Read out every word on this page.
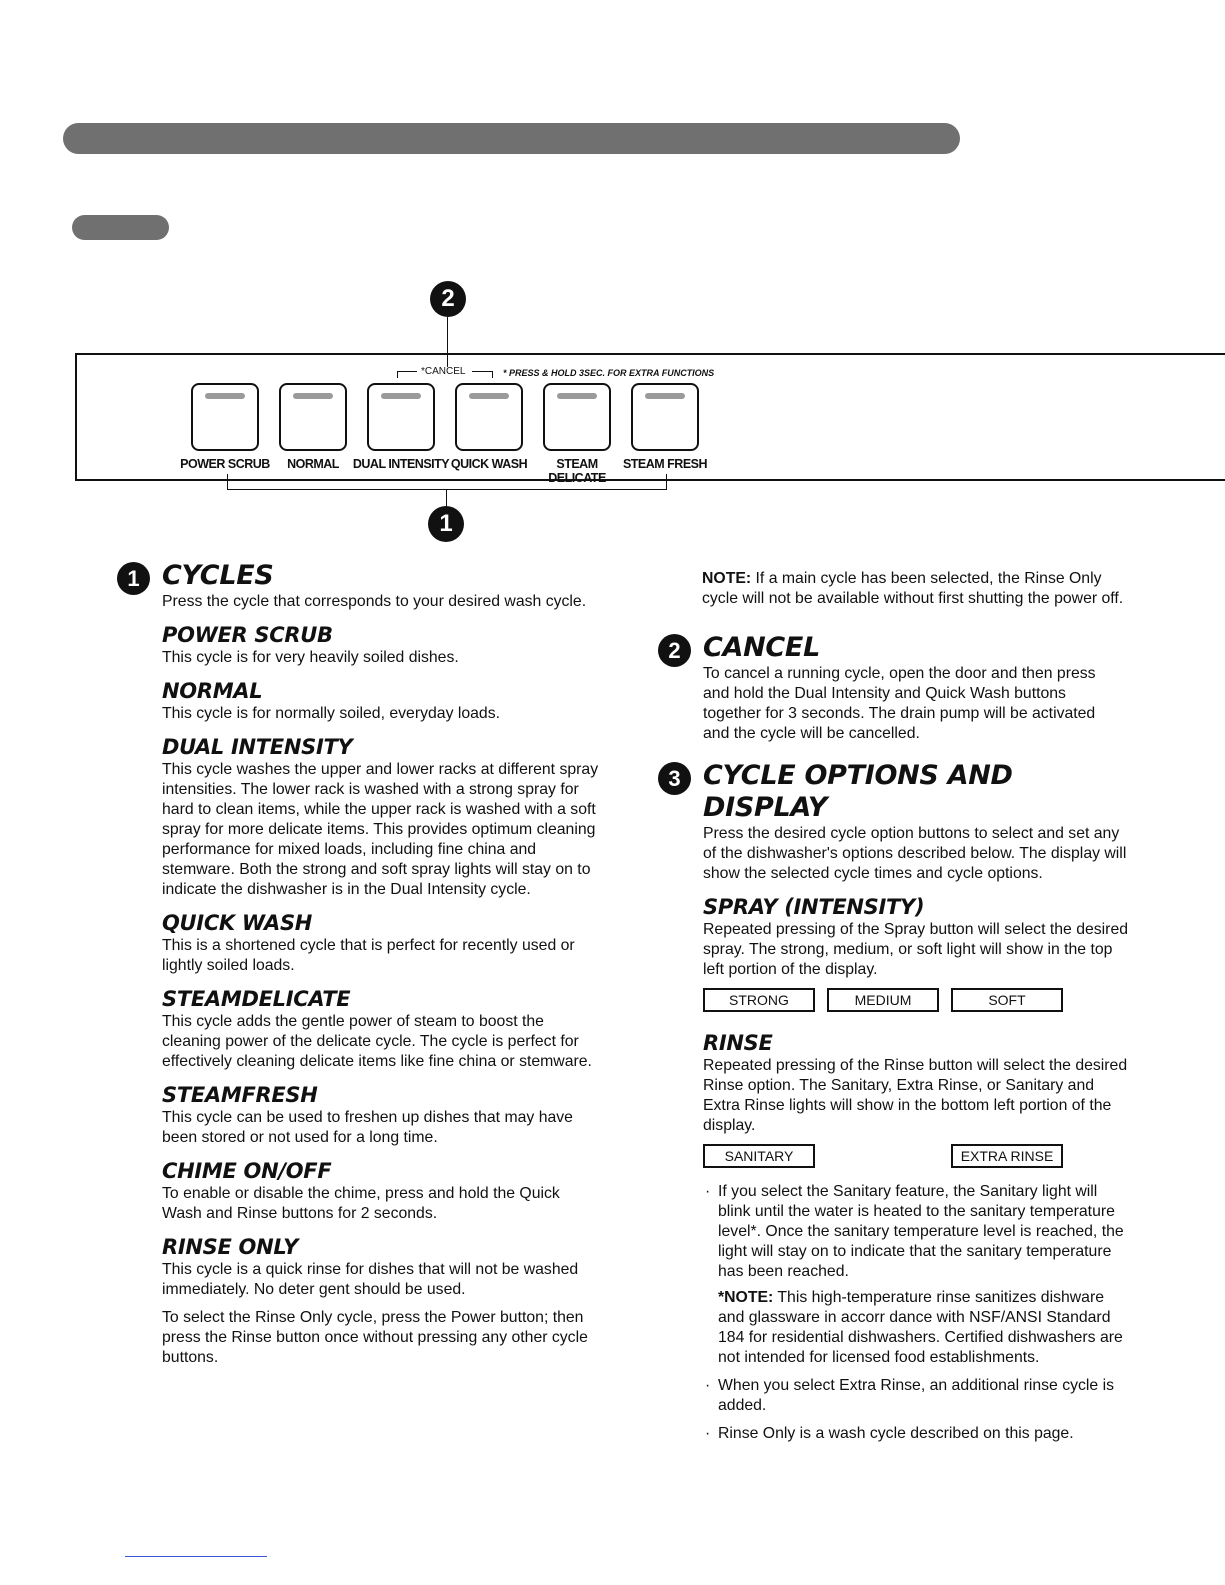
2
*CANCEL	* PRESS & HOLD 3SEC. FOR EXTRA FUNCTIONS
POWER SCRUB	NORMAL	DUAL INTENSITY QUICK WASH	STEAM DELICATE
STEAM FRESH
1
1 CYCLES
Press the cycle that corresponds to your desired wash cycle.
POWER SCRUB
This cycle is for very heavily soiled dishes.
NORMAL
This cycle is for normally soiled, everyday loads.
DUAL INTENSITY
This cycle washes the upper and lower racks at different spray intensities. The lower rack is washed with a strong spray for hard to clean items, while the upper rack is washed with a soft spray for more delicate items. This provides optimum cleaning performance for mixed loads, including fine china and stemware. Both the strong and soft spray lights will stay on to indicate the dishwasher is in the Dual Intensity cycle.
QUICK WASH
This is a shortened cycle that is perfect for recently used or lightly soiled loads.
STEAMDELICATE
This cycle adds the gentle power of steam to boost the cleaning power of the delicate cycle. The cycle is perfect for effectively cleaning delicate items like fine china or stemware.
STEAMFRESH
This cycle can be used to freshen up dishes that may have been stored or not used for a long time.
CHIME ON/OFF
To enable or disable the chime, press and hold the Quick Wash and Rinse buttons for 2 seconds.
RINSE ONLY
This cycle is a quick rinse for dishes that will not be washed immediately. No deter gent should be used.
To select the Rinse Only cycle, press the Power button; then press the Rinse button once without pressing any other cycle buttons.
NOTE: If a main cycle has been selected, the Rinse Only cycle will not be available without first shutting the power off.
2 CANCEL
To cancel a running cycle, open the door and then press and hold the Dual Intensity and Quick Wash buttons together for 3 seconds. The drain pump will be activated and the cycle will be cancelled.
3 CYCLE OPTIONS AND DISPLAY
Press the desired cycle option buttons to select and set any of the dishwasher's options described below. The display will show the selected cycle times and cycle options.
SPRAY (INTENSITY)
Repeated pressing of the Spray button will select the desired spray. The strong, medium, or soft light will show in the top left portion of the display.
STRONG	MEDIUM	SOFT
RINSE
Repeated pressing of the Rinse button will select the desired Rinse option. The Sanitary, Extra Rinse, or Sanitary and Extra Rinse lights will show in the bottom left portion of the display.
SANITARY	EXTRA RINSE
· If you select the Sanitary feature, the Sanitary light will blink until the water is heated to the sanitary temperature level*. Once the sanitary temperature level is reached, the light will stay on to indicate that the sanitary temperature has been reached.
*NOTE: This high-temperature rinse sanitizes dishware and glassware in accorr dance with NSF/ANSI Standard 184 for residential dishwashers. Certified dishwashers are not intended for licensed food establishments.
· When you select Extra Rinse, an additional rinse cycle is added.
· Rinse Only is a wash cycle described on this page.
